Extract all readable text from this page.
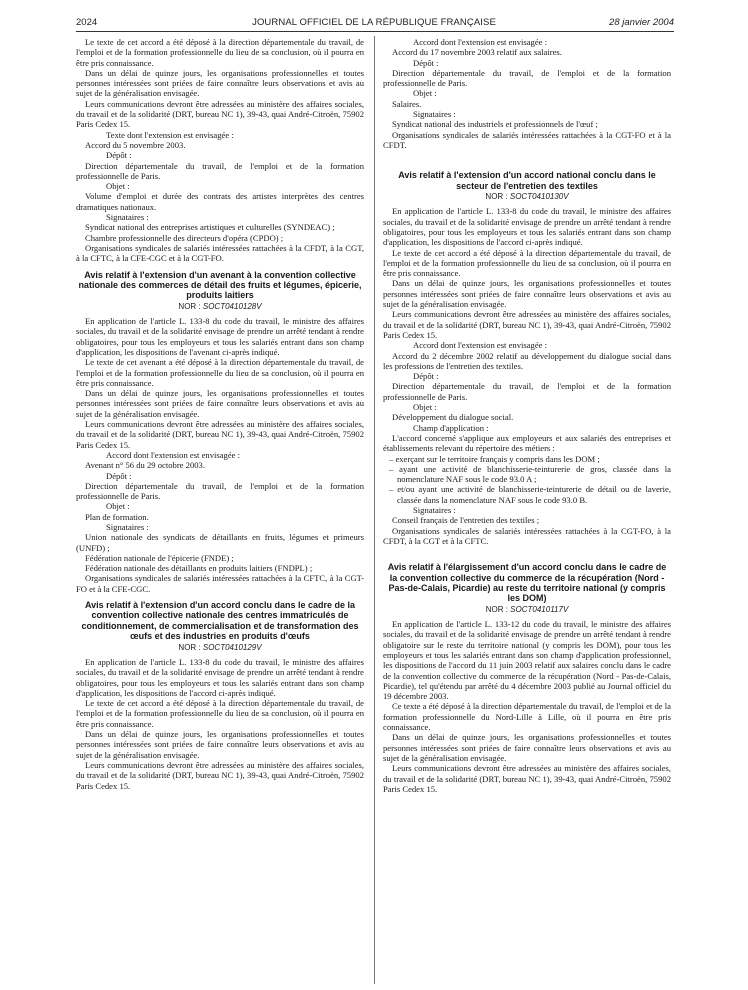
2024	JOURNAL OFFICIEL DE LA RÉPUBLIQUE FRANÇAISE	28 janvier 2004

Le texte de cet accord a été déposé à la direction départementale du travail, de l'emploi et de la formation professionnelle du lieu de sa conclusion, où il pourra en être pris connaissance.

Dans un délai de quinze jours, les organisations professionnelles et toutes personnes intéressées sont priées de faire connaître leurs observations et avis au sujet de la généralisation envisagée.

Leurs communications devront être adressées au ministère des affaires sociales, du travail et de la solidarité (DRT, bureau NC 1), 39-43, quai André-Citroën, 75902 Paris Cedex 15.

Texte dont l'extension est envisagée :

Accord du 5 novembre 2003.

Dépôt :

Direction départementale du travail, de l'emploi et de la formation professionnelle de Paris.

Objet :

Volume d'emploi et durée des contrats des artistes interprètes des centres dramatiques nationaux.

Signataires :

Syndicat national des entreprises artistiques et culturelles (SYNDEAC) ;

Chambre professionnelle des directeurs d'opéra (CPDO) ;

Organisations syndicales de salariés intéressées rattachées à la CFDT, à la CGT, à la CFTC, à la CFE-CGC et à la CGT-FO.

Avis relatif à l'extension d'un avenant à la convention collective nationale des commerces de détail des fruits et légumes, épicerie, produits laitiers
NOR : SOCT0410128V

En application de l'article L. 133-8 du code du travail, le ministre des affaires sociales, du travail et de la solidarité envisage de prendre un arrêté tendant à rendre obligatoires, pour tous les employeurs et tous les salariés entrant dans son champ d'application, les dispositions de l'avenant ci-après indiqué.

Le texte de cet avenant a été déposé à la direction départementale du travail, de l'emploi et de la formation professionnelle du lieu de sa conclusion, où il pourra en être pris connaissance.

Dans un délai de quinze jours, les organisations professionnelles et toutes personnes intéressées sont priées de faire connaître leurs observations et avis au sujet de la généralisation envisagée.

Leurs communications devront être adressées au ministère des affaires sociales, du travail et de la solidarité (DRT, bureau NC 1), 39-43, quai André-Citroën, 75902 Paris Cedex 15.

Accord dont l'extension est envisagée :

Avenant n° 56 du 29 octobre 2003.

Dépôt :

Direction départementale du travail, de l'emploi et de la formation professionnelle de Paris.

Objet :

Plan de formation.

Signataires :

Union nationale des syndicats de détaillants en fruits, légumes et primeurs (UNFD) ;

Fédération nationale de l'épicerie (FNDE) ;

Fédération nationale des détaillants en produits laitiers (FNDPL) ;

Organisations syndicales de salariés intéressées rattachées à la CFTC, à la CGT-FO et à la CFE-CGC.

Avis relatif à l'extension d'un accord conclu dans le cadre de la convention collective nationale des centres immatriculés de conditionnement, de commercialisation et de transformation des œufs et des industries en produits d'œufs
NOR : SOCT0410129V

En application de l'article L. 133-8 du code du travail, le ministre des affaires sociales, du travail et de la solidarité envisage de prendre un arrêté tendant à rendre obligatoires, pour tous les employeurs et tous les salariés entrant dans son champ d'application, les dispositions de l'accord ci-après indiqué.

Le texte de cet accord a été déposé à la direction départementale du travail, de l'emploi et de la formation professionnelle du lieu de sa conclusion, où il pourra en être pris connaissance.

Dans un délai de quinze jours, les organisations professionnelles et toutes personnes intéressées sont priées de faire connaître leurs observations et avis au sujet de la généralisation envisagée.

Leurs communications devront être adressées au ministère des affaires sociales, du travail et de la solidarité (DRT, bureau NC 1), 39-43, quai André-Citroën, 75902 Paris Cedex 15.

Accord dont l'extension est envisagée :

Accord du 17 novembre 2003 relatif aux salaires.

Dépôt :

Direction départementale du travail, de l'emploi et de la formation professionnelle de Paris.

Objet :

Salaires.

Signataires :

Syndicat national des industriels et professionnels de l'œuf ;

Organisations syndicales de salariés intéressées rattachées à la CGT-FO et à la CFDT.

Avis relatif à l'extension d'un accord national conclu dans le secteur de l'entretien des textiles
NOR : SOCT0410130V

En application de l'article L. 133-8 du code du travail, le ministre des affaires sociales, du travail et de la solidarité envisage de prendre un arrêté tendant à rendre obligatoires, pour tous les employeurs et tous les salariés entrant dans son champ d'application, les dispositions de l'accord ci-après indiqué.

Le texte de cet accord a été déposé à la direction départementale du travail, de l'emploi et de la formation professionnelle du lieu de sa conclusion, où il pourra en être pris connaissance.

Dans un délai de quinze jours, les organisations professionnelles et toutes personnes intéressées sont priées de faire connaître leurs observations et avis au sujet de la généralisation envisagée.

Leurs communications devront être adressées au ministère des affaires sociales, du travail et de la solidarité (DRT, bureau NC 1), 39-43, quai André-Citroën, 75902 Paris Cedex 15.

Accord dont l'extension est envisagée :

Accord du 2 décembre 2002 relatif au développement du dialogue social dans les professions de l'entretien des textiles.

Dépôt :

Direction départementale du travail, de l'emploi et de la formation professionnelle de Paris.

Objet :

Développement du dialogue social.

Champ d'application :

L'accord concerné s'applique aux employeurs et aux salariés des entreprises et établissements relevant du répertoire des métiers :

– exerçant sur le territoire français y compris dans les DOM ;
– ayant une activité de blanchisserie-teinturerie de gros, classée dans la nomenclature NAF sous le code 93.0 A ;
– et/ou ayant une activité de blanchisserie-teinturerie de détail ou de laverie, classée dans la nomenclature NAF sous le code 93.0 B.

Signataires :

Conseil français de l'entretien des textiles ;

Organisations syndicales de salariés intéressées rattachées à la CGT-FO, à la CFDT, à la CGT et à la CFTC.

Avis relatif à l'élargissement d'un accord conclu dans le cadre de la convention collective du commerce de la récupération (Nord - Pas-de-Calais, Picardie) au reste du territoire national (y compris les DOM)
NOR : SOCT0410117V

En application de l'article L. 133-12 du code du travail, le ministre des affaires sociales, du travail et de la solidarité envisage de prendre un arrêté tendant à rendre obligatoire sur le reste du territoire national (y compris les DOM), pour tous les employeurs et tous les salariés entrant dans son champ d'application professionnel, les dispositions de l'accord du 11 juin 2003 relatif aux salaires conclu dans le cadre de la convention collective du commerce de la récupération (Nord - Pas-de-Calais, Picardie), tel qu'étendu par arrêté du 4 décembre 2003 publié au Journal officiel du 19 décembre 2003.

Ce texte a été déposé à la direction départementale du travail, de l'emploi et de la formation professionnelle du Nord-Lille à Lille, où il pourra en être pris connaissance.

Dans un délai de quinze jours, les organisations professionnelles et toutes personnes intéressées sont priées de faire connaître leurs observations et avis au sujet de la généralisation envisagée.

Leurs communications devront être adressées au ministère des affaires sociales, du travail et de la solidarité (DRT, bureau NC 1), 39-43, quai André-Citroën, 75902 Paris Cedex 15.
